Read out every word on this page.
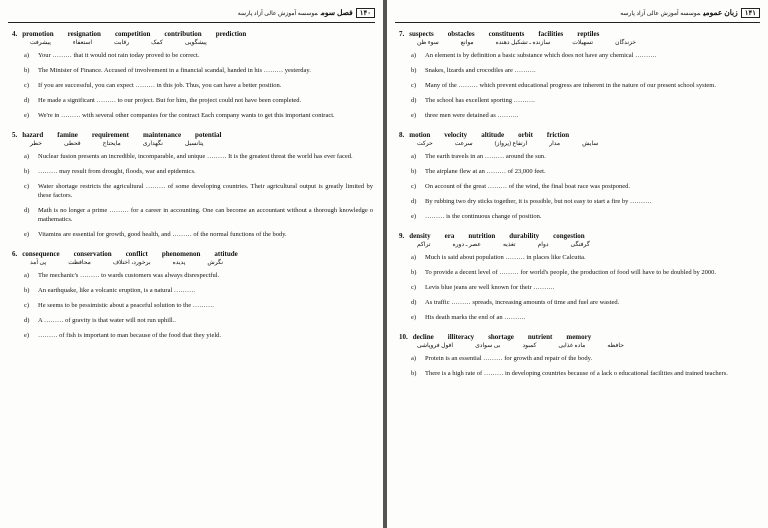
۱۴۰فصل سومموسسه آموزش عالی آزاد پارسه
4. promotion resignation competition contribution prediction
پیشرفت	استعفاء	رقابت	کمک	پیشگویی
a)	Your ……… that it would not rain today proved to be correct.
b)	The Minister of Finance. Accused of involvement in a financial scandal, handed in his ……… yesterday.
c)	If you are successful, you can expect ……… in this job. Thus, you can have a better position.
d)	He made a significant ……… to our project. But for him, the project could not have been completed.
e)	We're in ……… with several other companies for the contract Each company wants to get this important contract.
5. hazard famine requirement maintenance potential
خطر	قحطی	مایحتاج	نگهداری	پتانسیل
a)	Nuclear fusion presents an incredible, incomparable, and unique ……… It is the greatest threat the world has ever faced.
b)	……… may result from drought, floods, war and epidemics.
c)	Water shortage restricts the agricultural ……… of some developing countries. Their agricultural output is greatly limited by these factors.
d)	Math is no longer a prime ……… for a career in accounting. One can become an accountant without a thorough knowledge o mathematics.
e)	Vitamins are essential for growth, good health, and ……… of the normal functions of the body.
6. consequence conservation conflict phenomenon attitude
پی آمد	محافظت	برخورد، اختلاف	پدیده	نگرش
a)	The mechanic's ……… to wards customers was always disrespectful.
b)	An earthquake, like a volcanic eruption, is a natural ……….
c)	He seems to be pessimistic about a peaceful solution to the ……….
d)	A ……… of gravity is that water will not run uphill..
e)	……… of fish is important to man because of the food that they yield.
۱۴۱زبان عمومیموسسه آموزش عالی آزاد پارسه
7. suspects obstacles constituents facilities reptiles
سوء ظن	موانع	سازنده ـ تشکیل دهنده	تسهیلات	خزندگان
a)	An element is by definition a basic substance which does not have any chemical ……….
b)	Snakes, lizards and crocodiles are ……….
c)	Many of the ……… which prevent educational progress are inherent in the nature of our present school system.
d)	The school has excellent sporting ……….
e)	three men were detained as ……….
8. motion velocity altitude orbit friction
حرکت	سرعت	ارتفاع (پرواز)	مدار	سایش
a)	The earth travels in an ……… around the sun.
b)	The airplane flew at an ……… of 23,000 feet.
c)	On account of the great ……… of the wind, the final boat race was postponed.
d)	By rubbing two dry sticks together, it is possible, but not easy to start a fire by ……….
e)	……… is the continuous change of position.
9. density era nutrition durability congestion
تراکم	عصر ـ دوره	تغذیه	دوام	گرفتگی
a)	Much is said about population ……… in places like Calcutta.
b)	To provide a decent level of ……… for world's people, the production of food will have to be doubled by 2000.
c)	Levis blue jeans are well known for their ……….
d)	As traffic ……… spreads, increasing amounts of time and fuel are wasted.
e)	His death marks the end of an ……….
10. decline illiteracy shortage nutrient memory
افول فروپاشی	بی سوادی	کمبود	ماده غذایی	حافظه
a)	Protein is an essential ……… for growth and repair of the body.
b)	There is a high rate of ……… in developing countries because of a lack o educational facilities and trained teachers.
